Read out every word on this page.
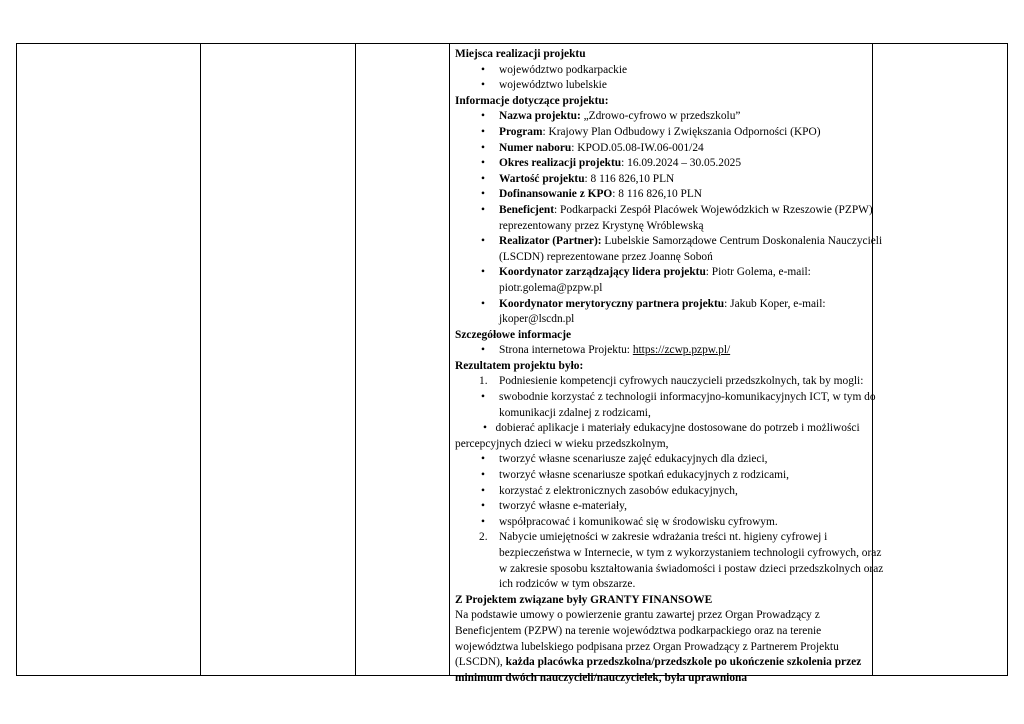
Miejsca realizacji projektu
• województwo podkarpackie
• województwo lubelskie
Informacje dotyczące projektu:
• Nazwa projektu: „Zdrowo-cyfrowo w przedszkolu”
• Program: Krajowy Plan Odbudowy i Zwiększania Odporności (KPO)
• Numer naboru: KPOD.05.08-IW.06-001/24
• Okres realizacji projektu: 16.09.2024 – 30.05.2025
• Wartość projektu: 8 116 826,10 PLN
• Dofinansowanie z KPO: 8 116 826,10 PLN
• Beneficjent: Podkarpacki Zespół Placówek Wojewódzkich w Rzeszowie (PZPW) reprezentowany przez Krystynę Wróblewską
• Realizator (Partner): Lubelskie Samorządowe Centrum Doskonalenia Nauczycieli (LSCDN) reprezentowane przez Joannę Soboń
• Koordynator zarządzający lidera projektu: Piotr Golema, e-mail: piotr.golema@pzpw.pl
• Koordynator merytoryczny partnera projektu: Jakub Koper, e-mail: jkoper@lscdn.pl
Szczegółowe informacje
• Strona internetowa Projektu: https://zcwp.pzpw.pl/
Rezultatem projektu było:
1. Podniesienie kompetencji cyfrowych nauczycieli przedszkolnych, tak by mogli:
• swobodnie korzystać z technologii informacyjno-komunikacyjnych ICT, w tym do komunikacji zdalnej z rodzicami,
• dobierać aplikacje i materiały edukacyjne dostosowane do potrzeb i możliwości percepcyjnych dzieci w wieku przedszkolnym,
• tworzyć własne scenariusze zajęć edukacyjnych dla dzieci,
• tworzyć własne scenariusze spotkań edukacyjnych z rodzicami,
• korzystać z elektronicznych zasobów edukacyjnych,
• tworzyć własne e-materiały,
• współpracować i komunikować się w środowisku cyfrowym.
2. Nabycie umiejętności w zakresie wdrażania treści nt. higieny cyfrowej i bezpieczeństwa w Internecie, w tym z wykorzystaniem technologii cyfrowych, oraz w zakresie sposobu kształtowania świadomości i postaw dzieci przedszkolnych oraz ich rodziców w tym obszarze.
Z Projektem związane były GRANTY FINANSOWE
Na podstawie umowy o powierzenie grantu zawartej przez Organ Prowadzący z Beneficjentem (PZPW) na terenie województwa podkarpackiego oraz na terenie województwa lubelskiego podpisana przez Organ Prowadzący z Partnerem Projektu (LSCDN), każda placówka przedszkolna/przedszkole po ukończenie szkolenia przez minimum dwóch nauczycieli/nauczycielek, była uprawniona
